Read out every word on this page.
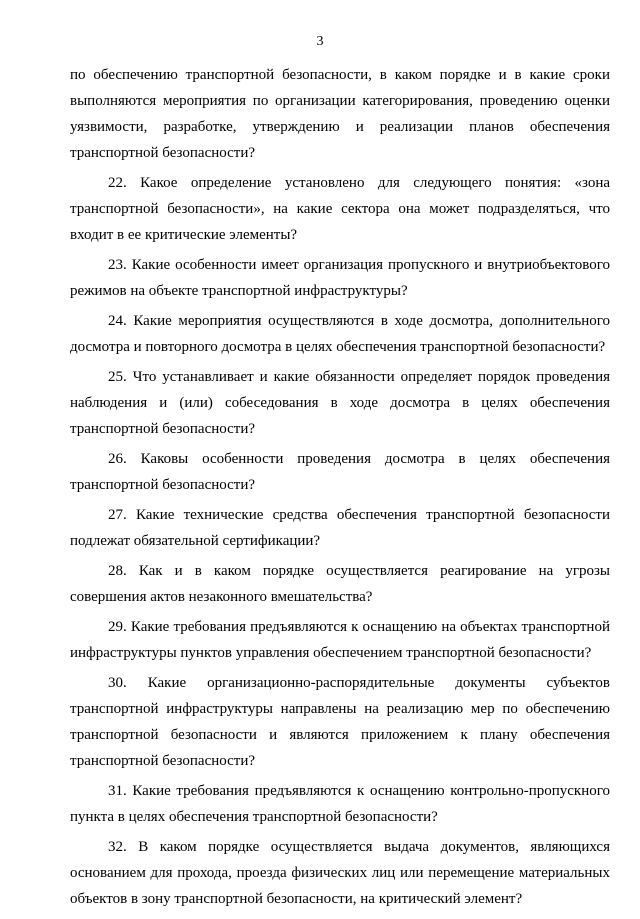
3

по обеспечению транспортной безопасности, в каком порядке и в какие сроки выполняются мероприятия по организации категорирования, проведению оценки уязвимости, разработке, утверждению и реализации планов обеспечения транспортной безопасности?

22. Какое определение установлено для следующего понятия: «зона транспортной безопасности», на какие сектора она может подразделяться, что входит в ее критические элементы?

23. Какие особенности имеет организация пропускного и внутриобъектового режимов на объекте транспортной инфраструктуры?

24. Какие мероприятия осуществляются в ходе досмотра, дополнительного досмотра и повторного досмотра в целях обеспечения транспортной безопасности?

25. Что устанавливает и какие обязанности определяет порядок проведения наблюдения и (или) собеседования в ходе досмотра в целях обеспечения транспортной безопасности?

26. Каковы особенности проведения досмотра в целях обеспечения транспортной безопасности?

27. Какие технические средства обеспечения транспортной безопасности подлежат обязательной сертификации?

28. Как и в каком порядке осуществляется реагирование на угрозы совершения актов незаконного вмешательства?

29. Какие требования предъявляются к оснащению на объектах транспортной инфраструктуры пунктов управления обеспечением транспортной безопасности?

30. Какие организационно-распорядительные документы субъектов транспортной инфраструктуры направлены на реализацию мер по обеспечению транспортной безопасности и являются приложением к плану обеспечения транспортной безопасности?

31. Какие требования предъявляются к оснащению контрольно-пропускного пункта в целях обеспечения транспортной безопасности?

32. В каком порядке осуществляется выдача документов, являющихся основанием для прохода, проезда физических лиц или перемещение материальных объектов в зону транспортной безопасности, на критический элемент?
